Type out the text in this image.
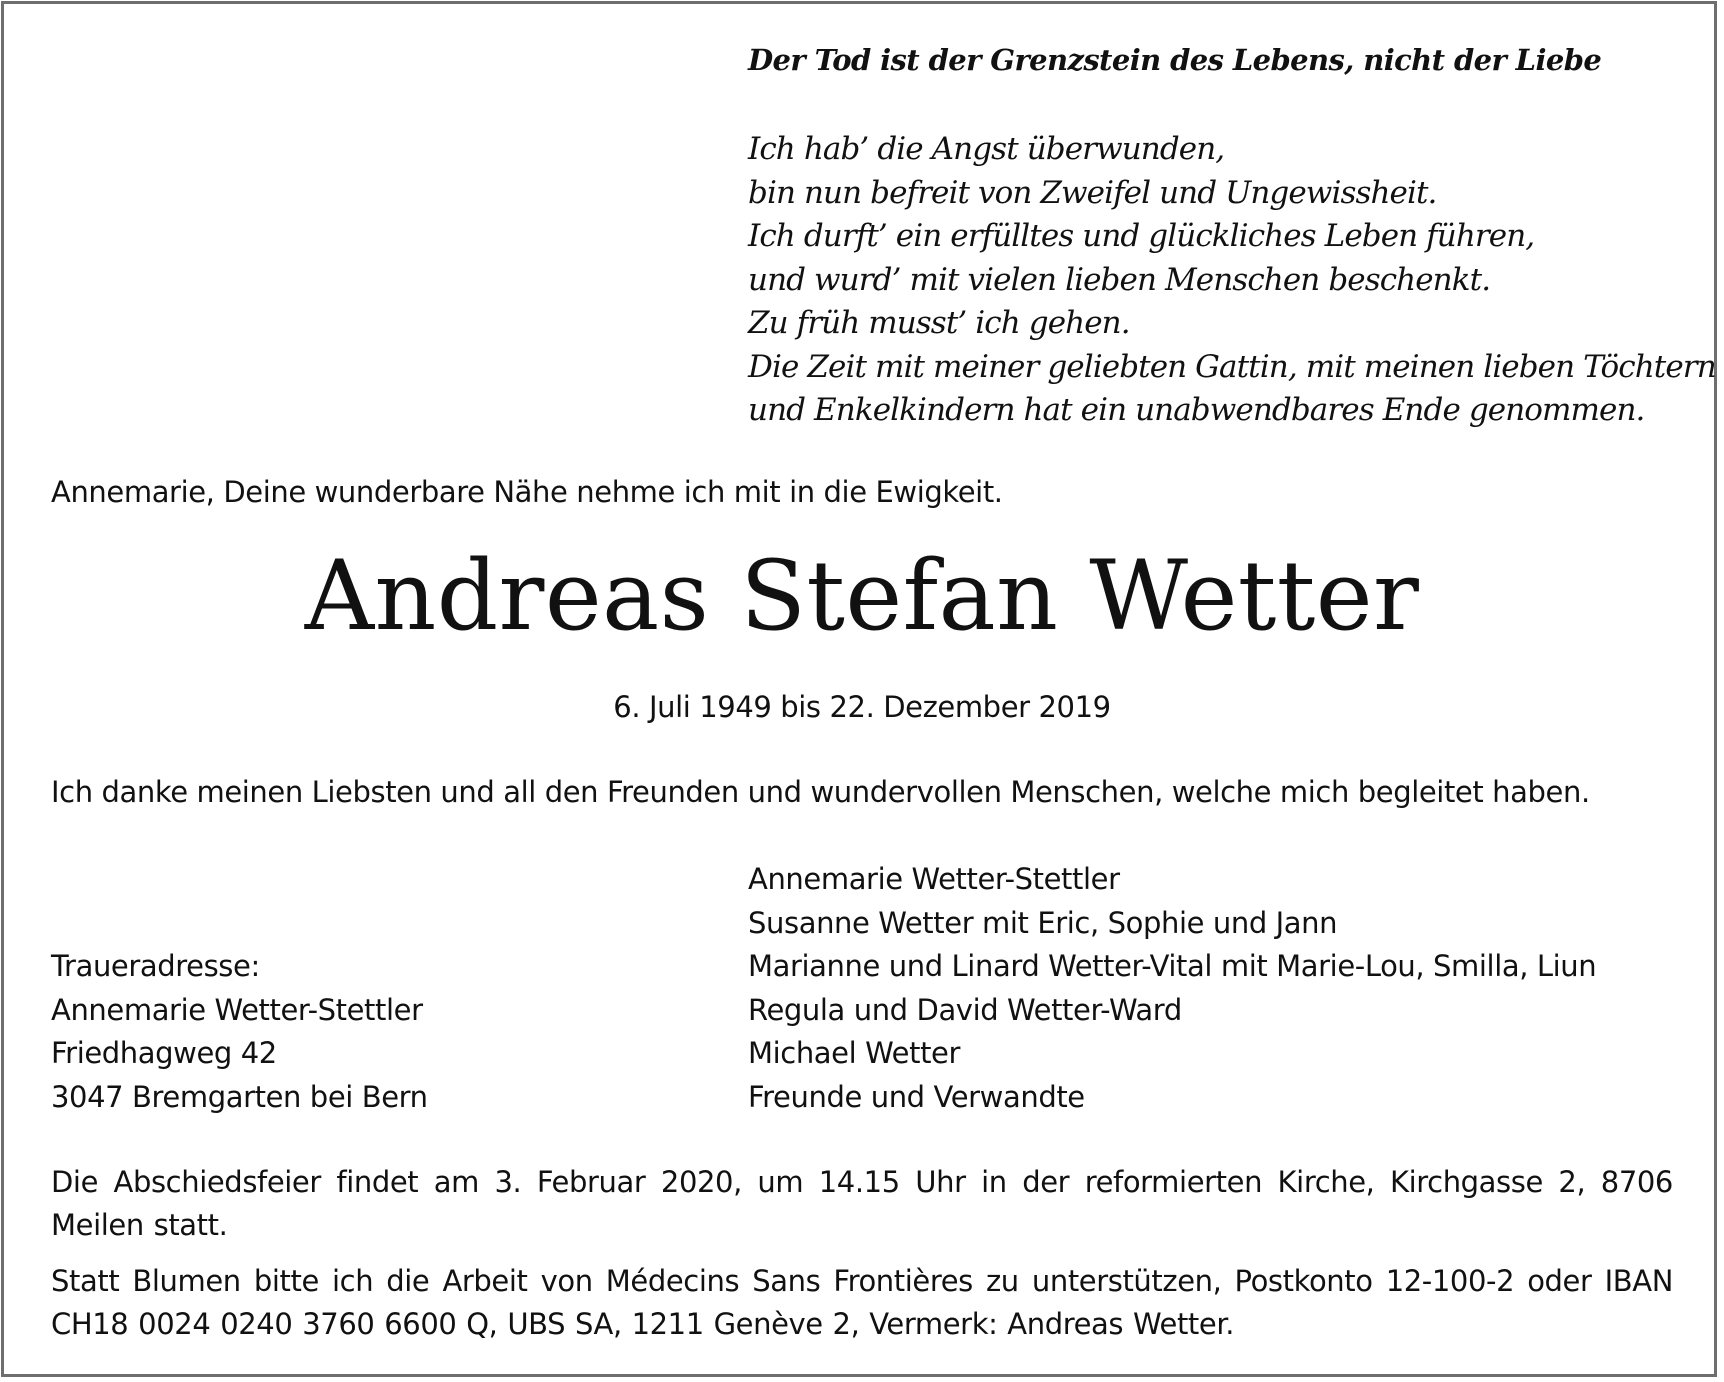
Der Tod ist der Grenzstein des Lebens, nicht der Liebe
Ich hab’ die Angst überwunden,
bin nun befreit von Zweifel und Ungewissheit.
Ich durft’ ein erfülltes und glückliches Leben führen,
und wurd’ mit vielen lieben Menschen beschenkt.
Zu früh musst’ ich gehen.
Die Zeit mit meiner geliebten Gattin, mit meinen lieben Töchtern
und Enkelkindern hat ein unabwendbares Ende genommen.
Annemarie, Deine wunderbare Nähe nehme ich mit in die Ewigkeit.
Andreas Stefan Wetter
6. Juli 1949 bis 22. Dezember 2019
Ich danke meinen Liebsten und all den Freunden und wundervollen Menschen, welche mich begleitet haben.
Annemarie Wetter-Stettler
Susanne Wetter mit Eric, Sophie und Jann
Marianne und Linard Wetter-Vital mit Marie-Lou, Smilla, Liun
Regula und David Wetter-Ward
Michael Wetter
Freunde und Verwandte
Traueradresse:
Annemarie Wetter-Stettler
Friedhagweg 42
3047 Bremgarten bei Bern
Die Abschiedsfeier findet am 3. Februar 2020, um 14.15 Uhr in der reformierten Kirche, Kirchgasse 2, 8706 Meilen statt.
Statt Blumen bitte ich die Arbeit von Médecins Sans Frontières zu unterstützen, Postkonto 12-100-2 oder IBAN CH18 0024 0240 3760 6600 Q, UBS SA, 1211 Genève 2, Vermerk: Andreas Wetter.
